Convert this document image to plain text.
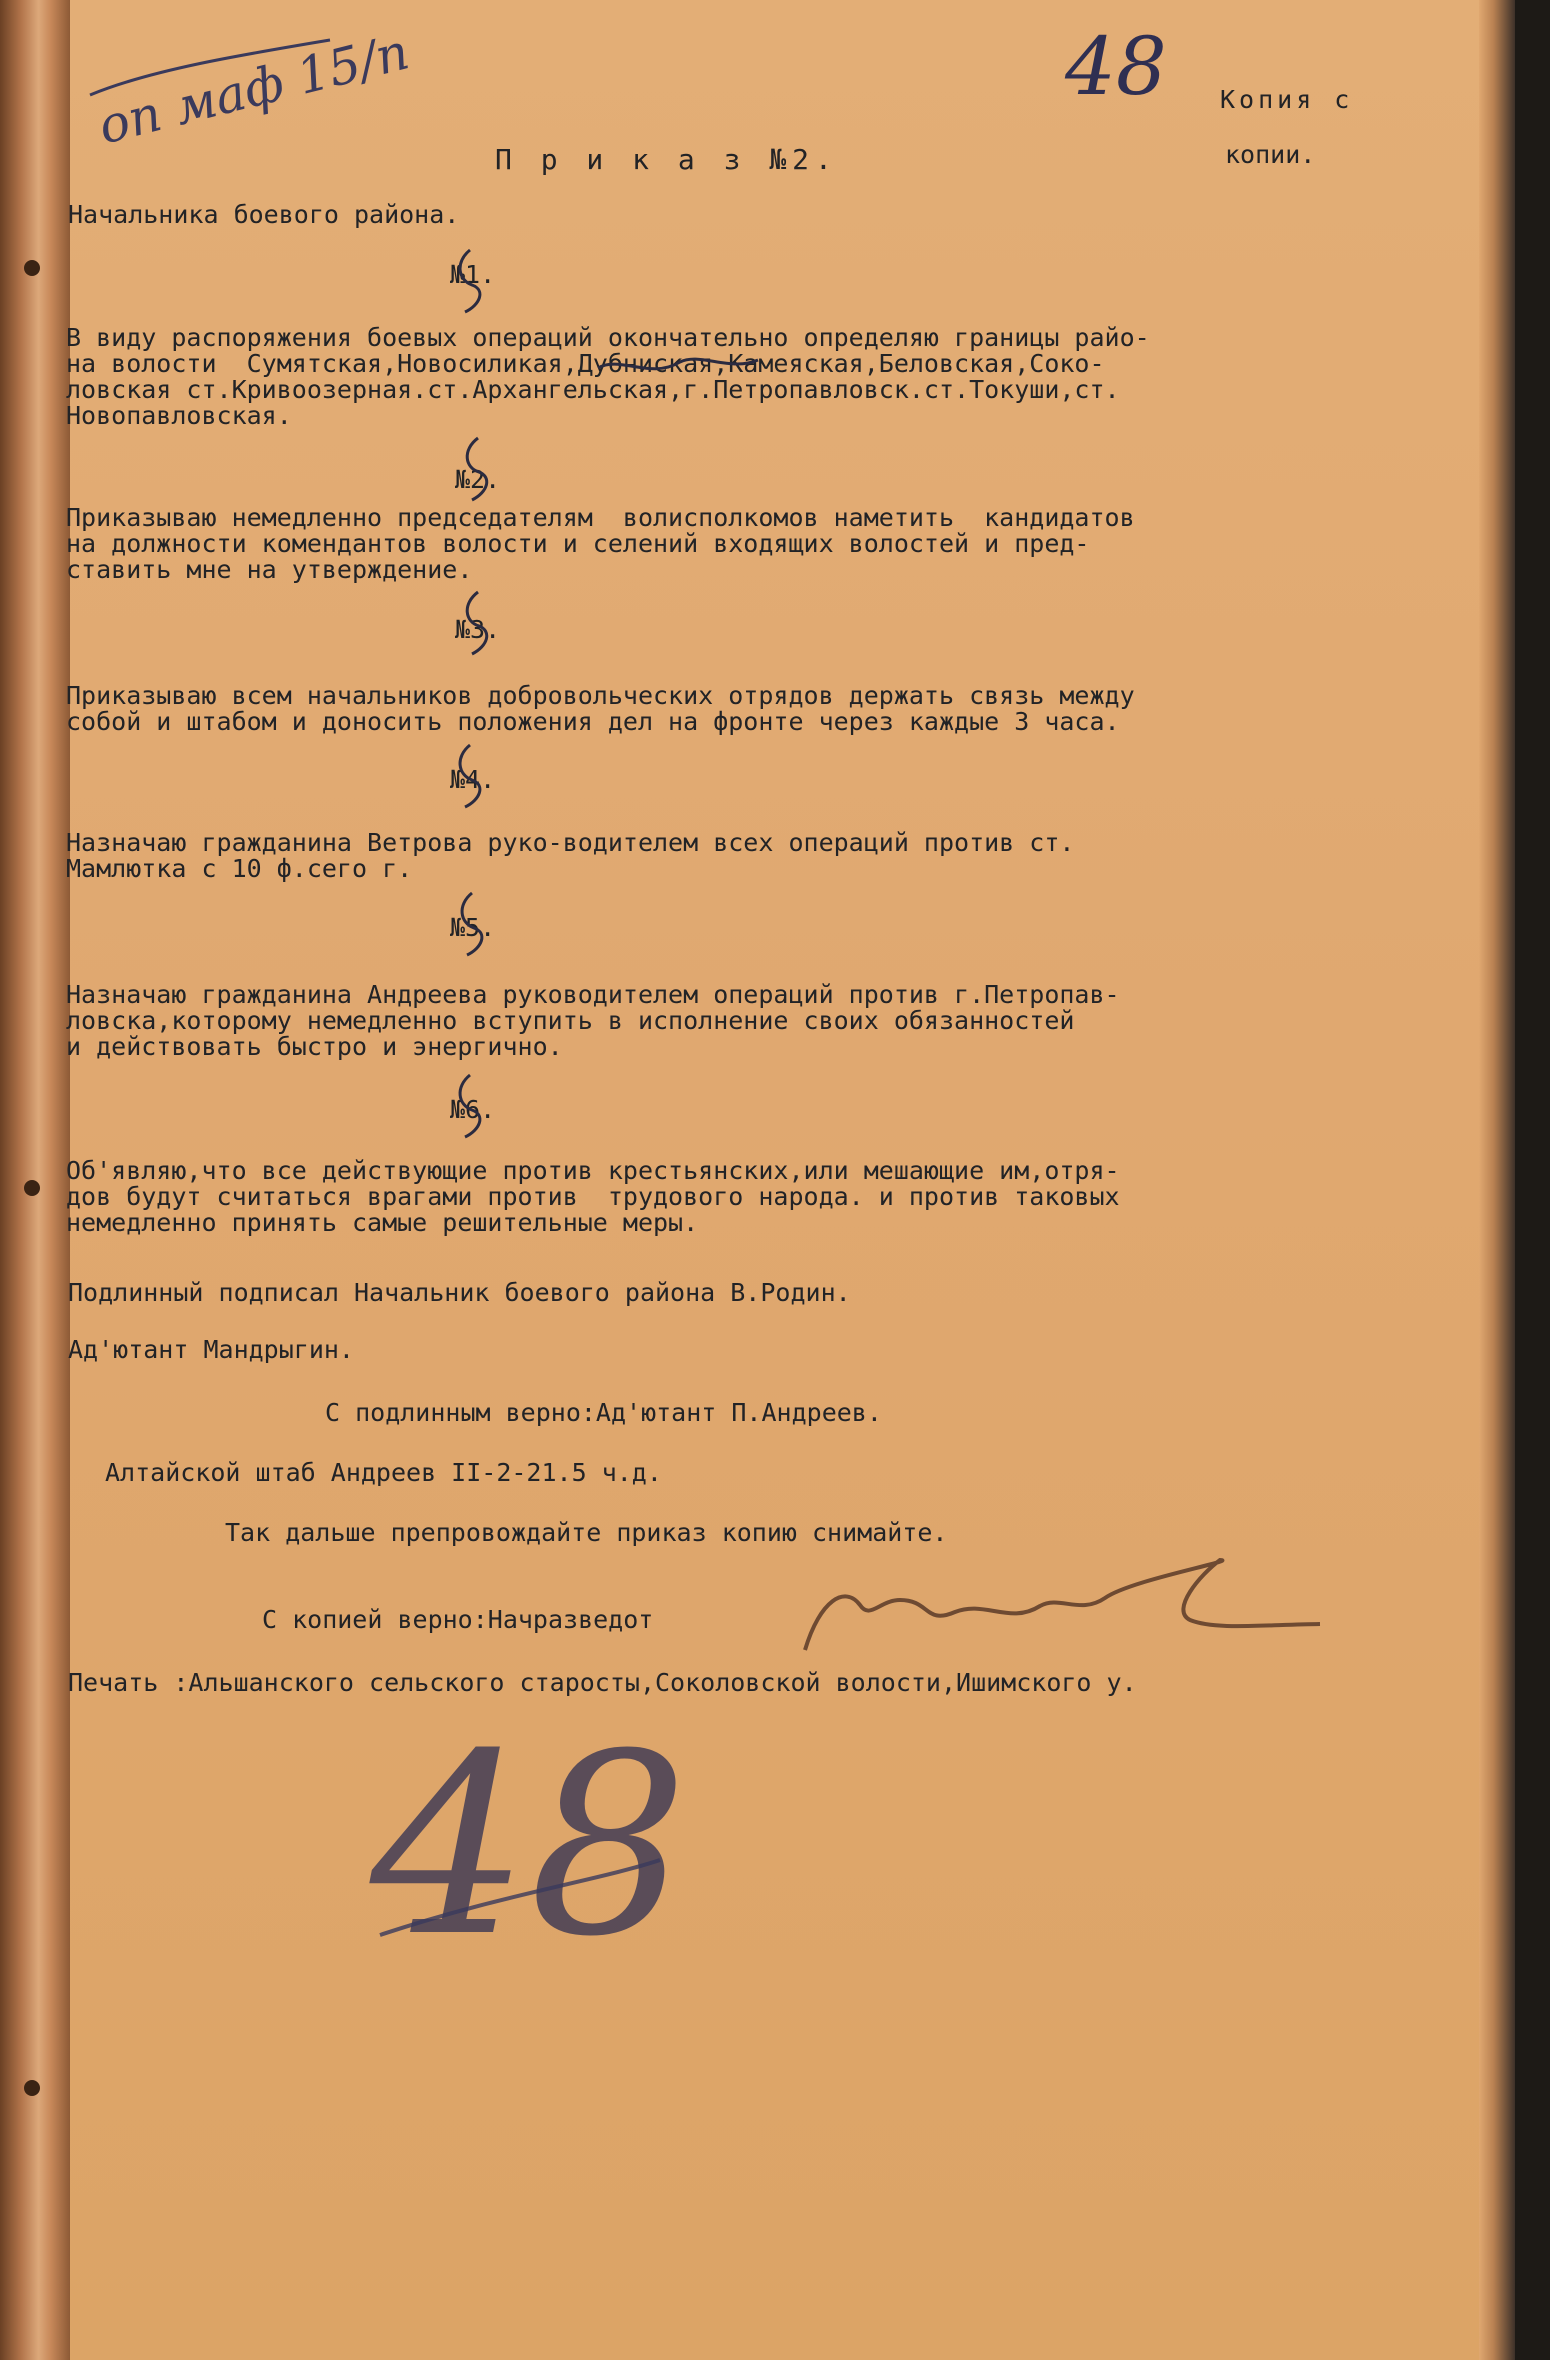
оп маф 15/п	48 Копия с
копии.
П р и к а з №2.
Начальника боевого района.
№1.
В виду распоряжения боевых операций окончательно определяю границы райо-
на волости  Сумятская,Новосиликая,Дубниская,Камеяская,Беловская,Соко-
ловская ст.Кривоозерная.ст.Архангельская,г.Петропавловск.ст.Токуши,ст.
Новопавловская.
№2.
Приказываю немедленно председателям  волисполкомов наметить  кандидатов
на должности комендантов волости и селений входящих волостей и пред-
ставить мне на утверждение.
№3.
Приказываю всем начальников добровольческих отрядов держать связь между
собой и штабом и доносить положения дел на фронте через каждые 3 часа.
№4.
Назначаю гражданина Ветрова руко-водителем всех операций против ст.
Мамлютка с 10 ф.сего г.
№5.
Назначаю гражданина Андреева руководителем операций против г.Петропав-
ловска,которому немедленно вступить в исполнение своих обязанностей
и действовать быстро и энергично.
№6.
Об'являю,что все действующие против крестьянских,или мешающие им,отря-
дов будут считаться врагами против  трудового народа. и против таковых
немедленно принять самые решительные меры.
Подлинный подписал Начальник боевого района В.Родин.
Ад'ютант Мандрыгин.
С подлинным верно:Ад'ютант П.Андреев.
Алтайской штаб Андреев II-2-21.5 ч.д.
Так дальше препровождайте приказ копию снимайте.
С копией верно:Начразведот
Печать :Альшанского сельского старосты,Соколовской волости,Ишимского у.
48
